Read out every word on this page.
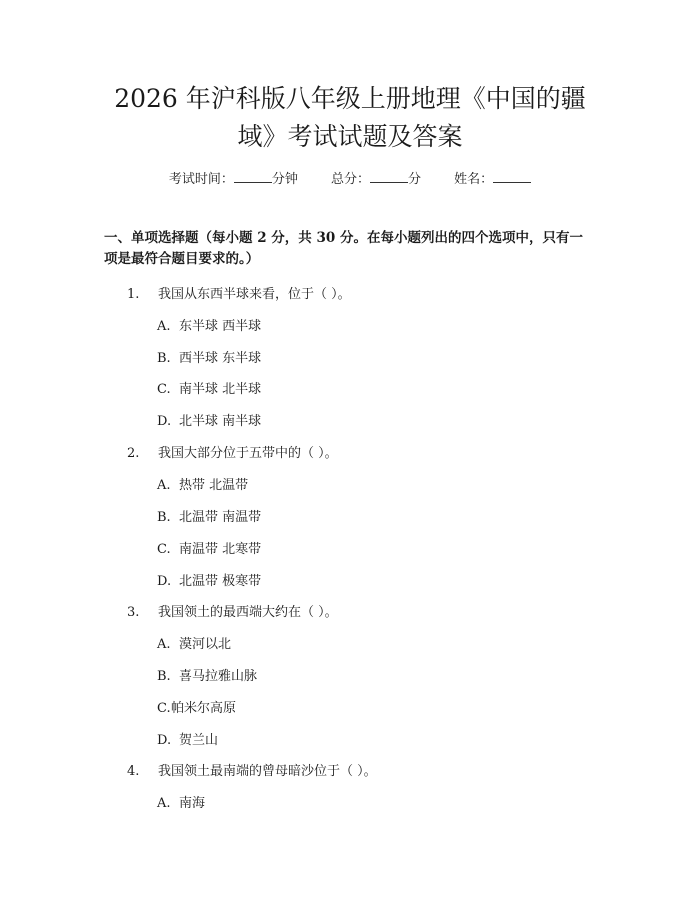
2026 年沪科版八年级上册地理《中国的疆
域》考试试题及答案
考试时间：	分钟	总分：	分	姓名：

一、单项选择题（每小题 2 分，共 30 分。在每小题列出的四个选项中，只有一项是最符合题目要求的。）

1. 我国从东西半球来看，位于（ ）。
A. 东半球 西半球
B. 西半球 东半球
C. 南半球 北半球
D. 北半球 南半球
2. 我国大部分位于五带中的（ ）。
A. 热带 北温带
B. 北温带 南温带
C. 南温带 北寒带
D. 北温带 极寒带
3. 我国领土的最西端大约在（ ）。
A. 漠河以北
B. 喜马拉雅山脉
C.帕米尔高原
D. 贺兰山
4. 我国领土最南端的曾母暗沙位于（ ）。
A. 南海
